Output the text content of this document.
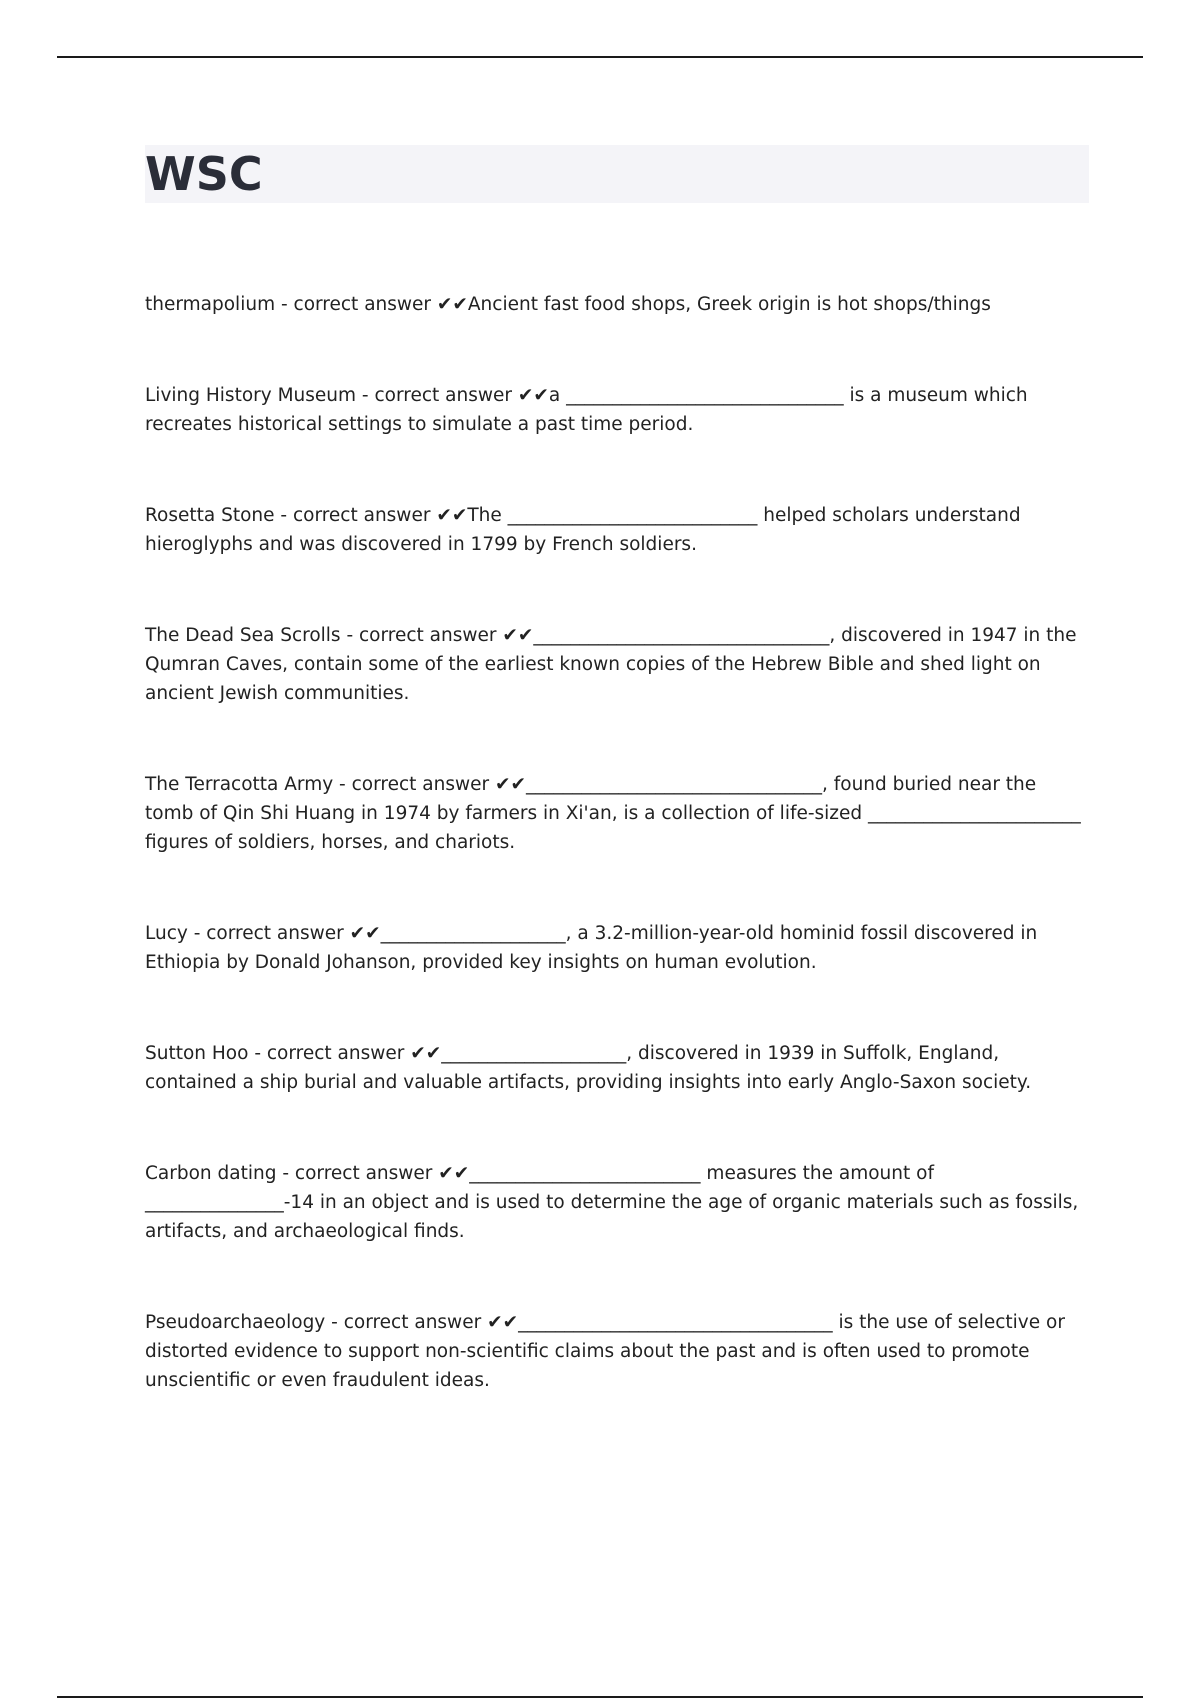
WSC
thermapolium - correct answer ✔✔Ancient fast food shops, Greek origin is hot shops/things
Living History Museum - correct answer ✔✔a ______________________________ is a museum which recreates historical settings to simulate a past time period.
Rosetta Stone - correct answer ✔✔The ___________________________ helped scholars understand hieroglyphs and was discovered in 1799 by French soldiers.
The Dead Sea Scrolls - correct answer ✔✔________________________________, discovered in 1947 in the Qumran Caves, contain some of the earliest known copies of the Hebrew Bible and shed light on ancient Jewish communities.
The Terracotta Army - correct answer ✔✔________________________________, found buried near the tomb of Qin Shi Huang in 1974 by farmers in Xi'an, is a collection of life-sized _______________________ figures of soldiers, horses, and chariots.
Lucy - correct answer ✔✔____________________, a 3.2-million-year-old hominid fossil discovered in Ethiopia by Donald Johanson, provided key insights on human evolution.
Sutton Hoo - correct answer ✔✔____________________, discovered in 1939 in Suffolk, England, contained a ship burial and valuable artifacts, providing insights into early Anglo-Saxon society.
Carbon dating - correct answer ✔✔_________________________ measures the amount of _______________-14 in an object and is used to determine the age of organic materials such as fossils, artifacts, and archaeological finds.
Pseudoarchaeology - correct answer ✔✔__________________________________ is the use of selective or distorted evidence to support non-scientific claims about the past and is often used to promote unscientific or even fraudulent ideas.
